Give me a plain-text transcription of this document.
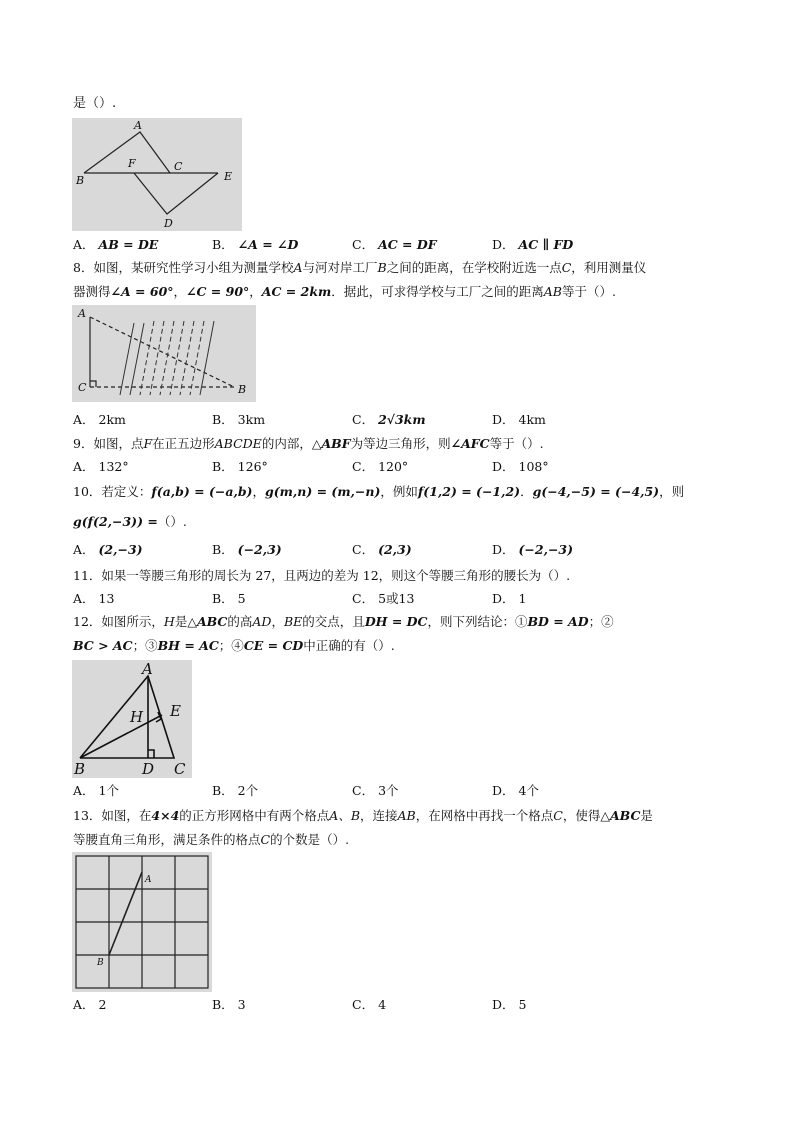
是（）.
A
B
F	C
E
D
A． AB = DE	B． ∠A = ∠D	C． AC = DF	D． AC ∥ FD
8．如图，某研究性学习小组为测量学校A与河对岸工厂B之间的距离，在学校附近选一点C，利用测量仪
器测得∠A = 60°，∠C = 90°，AC = 2km．据此，可求得学校与工厂之间的距离AB等于（）.
A
C	B
A． 2km	B． 3km	C． 2√3km	D． 4km
9．如图，点F在正五边形ABCDE的内部，△ABF为等边三角形，则∠AFC等于（）.
A． 132°	B． 126°	C． 120°	D． 108°
10．若定义：f(a,b) = (−a,b)，g(m,n) = (m,−n)，例如f(1,2) = (−1,2)．g(−4,−5) = (−4,5)，则
g(f(2,−3)) =（）.
A． (2,−3)	B． (−2,3)	C． (2,3)	D． (−2,−3)
11．如果一等腰三角形的周长为 27，且两边的差为 12，则这个等腰三角形的腰长为（）.
A． 13	B． 5	C． 5或13	D． 1
12．如图所示，H是△ABC的高AD，BE的交点，且DH = DC，则下列结论：①BD = AD；②
BC > AC；③BH = AC；④CE = CD中正确的有（）.
A
H E
B	D C
A． 1个	B． 2个	C． 3个	D． 4个
13．如图，在4×4的正方形网格中有两个格点A、B，连接AB，在网格中再找一个格点C，使得△ABC是
等腰直角三角形，满足条件的格点C的个数是（）.
A
B
A． 2	B． 3	C． 4	D． 5
